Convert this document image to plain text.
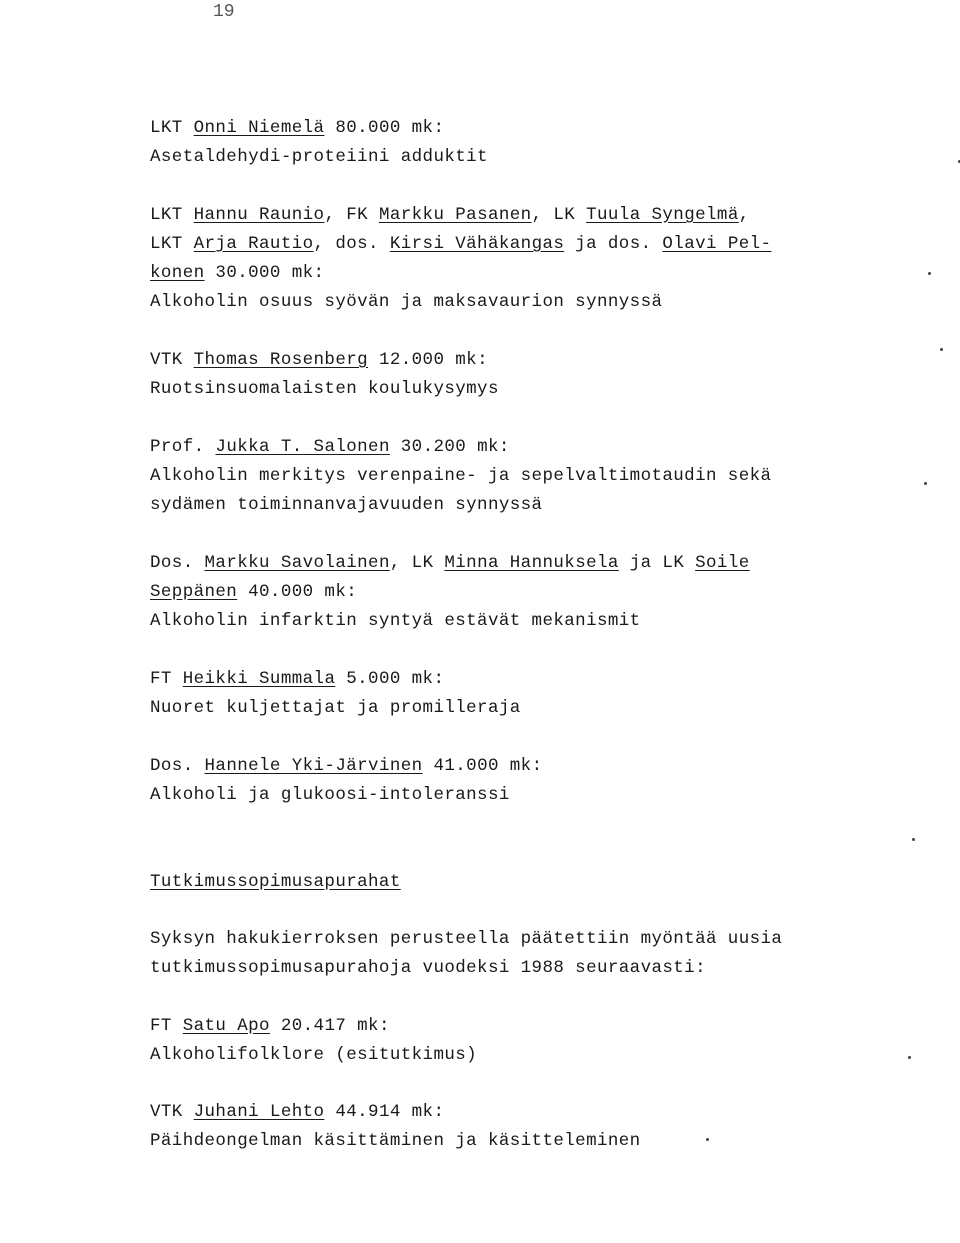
19
LKT Onni Niemelä 80.000 mk:
Asetaldehydi-proteiini adduktit
LKT Hannu Raunio, FK Markku Pasanen, LK Tuula Syngelmä,
LKT Arja Rautio, dos. Kirsi Vähäkangas ja dos. Olavi Pel-
konen 30.000 mk:
Alkoholin osuus syövän ja maksavaurion synnyssä
VTK Thomas Rosenberg 12.000 mk:
Ruotsinsuomalaisten koulukysymys
Prof. Jukka T. Salonen 30.200 mk:
Alkoholin merkitys verenpaine- ja sepelvaltimotaudin sekä
sydämen toiminnanvajavuuden synnyssä
Dos. Markku Savolainen, LK Minna Hannuksela ja LK Soile
Seppänen 40.000 mk:
Alkoholin infarktin syntyä estävät mekanismit
FT Heikki Summala 5.000 mk:
Nuoret kuljettajat ja promilleraja
Dos. Hannele Yki-Järvinen 41.000 mk:
Alkoholi ja glukoosi-intoleranssi
Tutkimussopimusapurahat
Syksyn hakukierroksen perusteella päätettiin myöntää uusia
tutkimussopimusapurahoja vuodeksi 1988 seuraavasti:
FT Satu Apo 20.417 mk:
Alkoholifolklore (esitutkimus)
VTK Juhani Lehto 44.914 mk:
Päihdeongelman käsittäminen ja käsitteleminen
